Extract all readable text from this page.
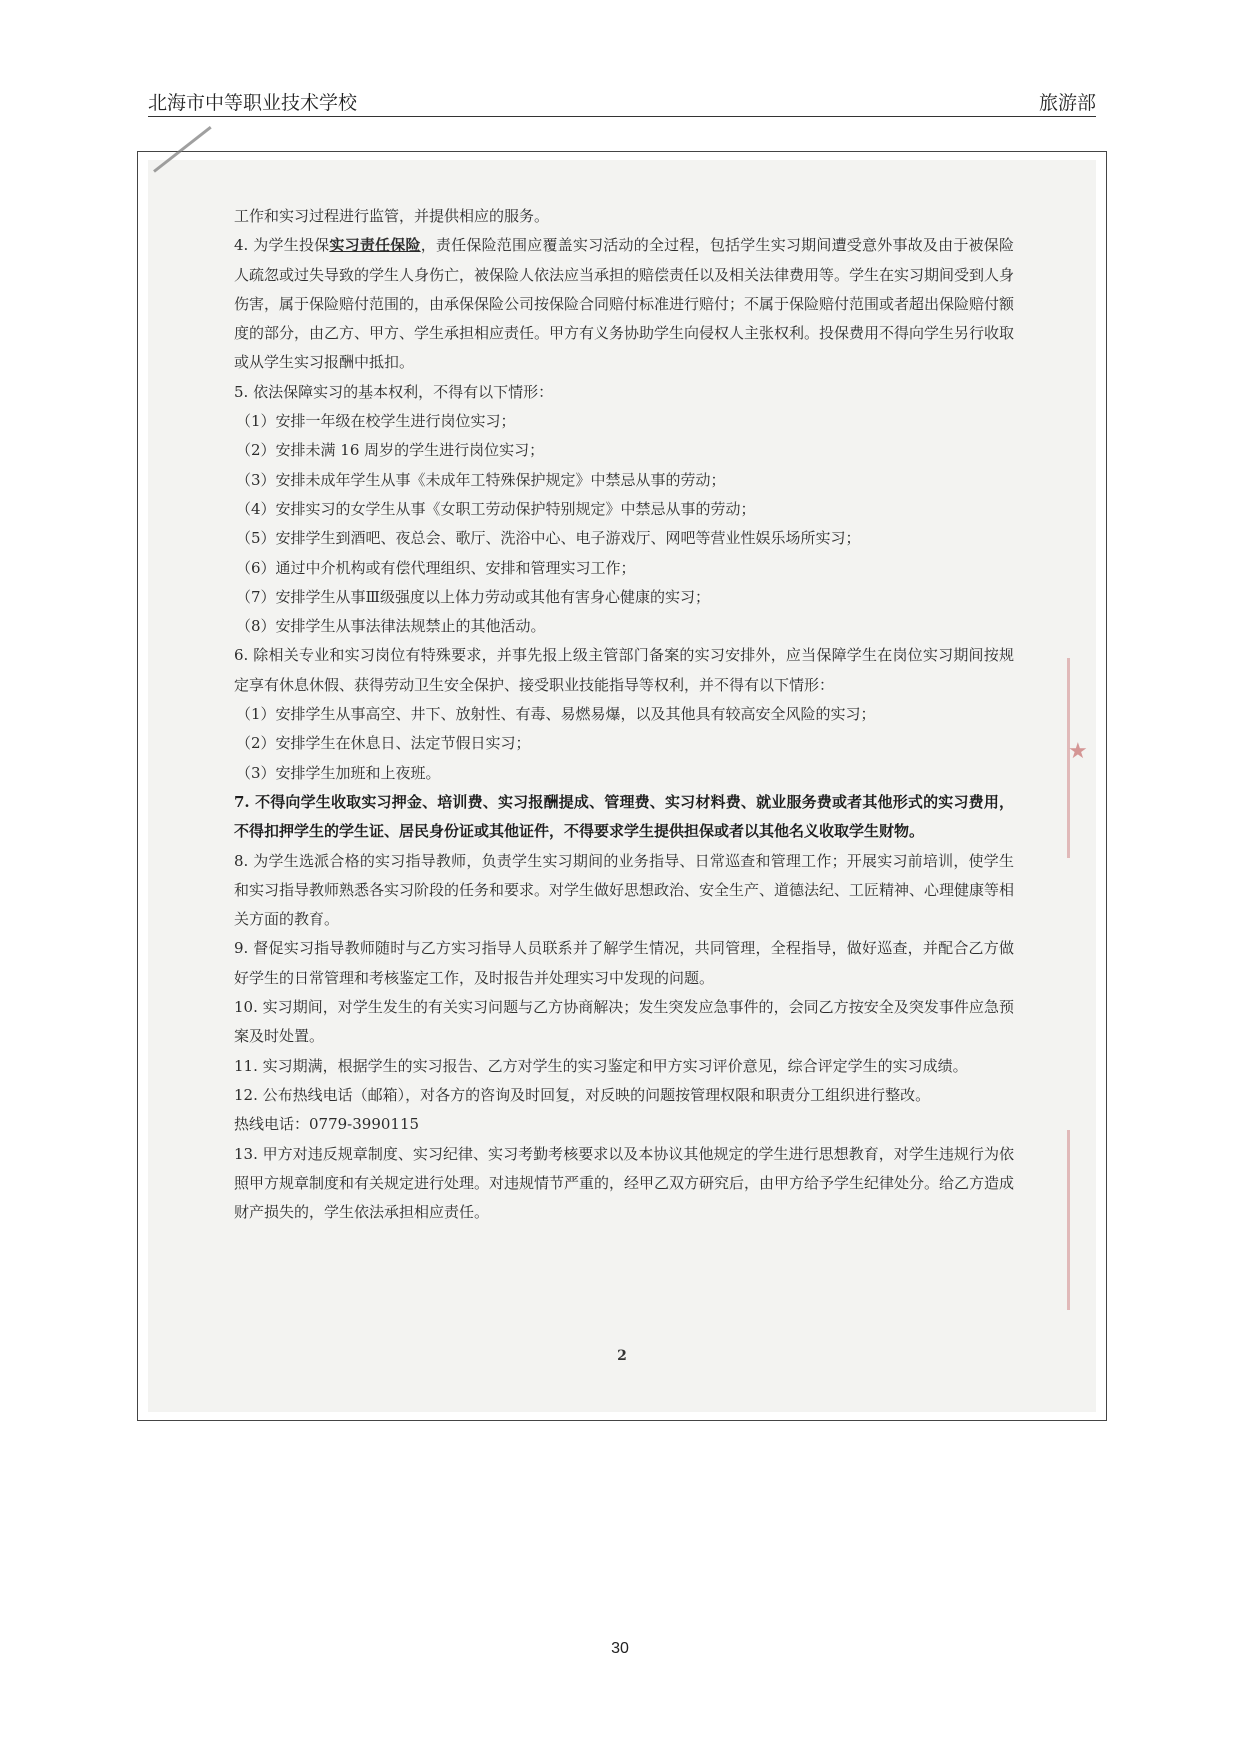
北海市中等职业技术学校	旅游部

工作和实习过程进行监管，并提供相应的服务。

4. 为学生投保实习责任保险，责任保险范围应覆盖实习活动的全过程，包括学生实习期间遭受意外事故及由于被保险人疏忽或过失导致的学生人身伤亡，被保险人依法应当承担的赔偿责任以及相关法律费用等。学生在实习期间受到人身伤害，属于保险赔付范围的，由承保保险公司按保险合同赔付标准进行赔付；不属于保险赔付范围或者超出保险赔付额度的部分，由乙方、甲方、学生承担相应责任。甲方有义务协助学生向侵权人主张权利。投保费用不得向学生另行收取或从学生实习报酬中抵扣。

5. 依法保障实习的基本权利，不得有以下情形：

（1）安排一年级在校学生进行岗位实习；

（2）安排未满 16 周岁的学生进行岗位实习；

（3）安排未成年学生从事《未成年工特殊保护规定》中禁忌从事的劳动；

（4）安排实习的女学生从事《女职工劳动保护特别规定》中禁忌从事的劳动；

（5）安排学生到酒吧、夜总会、歌厅、洗浴中心、电子游戏厅、网吧等营业性娱乐场所实习；

（6）通过中介机构或有偿代理组织、安排和管理实习工作；

（7）安排学生从事Ⅲ级强度以上体力劳动或其他有害身心健康的实习；

（8）安排学生从事法律法规禁止的其他活动。

6. 除相关专业和实习岗位有特殊要求，并事先报上级主管部门备案的实习安排外，应当保障学生在岗位实习期间按规定享有休息休假、获得劳动卫生安全保护、接受职业技能指导等权利，并不得有以下情形：

（1）安排学生从事高空、井下、放射性、有毒、易燃易爆，以及其他具有较高安全风险的实习；

（2）安排学生在休息日、法定节假日实习；

（3）安排学生加班和上夜班。

7. 不得向学生收取实习押金、培训费、实习报酬提成、管理费、实习材料费、就业服务费或者其他形式的实习费用，不得扣押学生的学生证、居民身份证或其他证件，不得要求学生提供担保或者以其他名义收取学生财物。

8. 为学生选派合格的实习指导教师，负责学生实习期间的业务指导、日常巡查和管理工作；开展实习前培训，使学生和实习指导教师熟悉各实习阶段的任务和要求。对学生做好思想政治、安全生产、道德法纪、工匠精神、心理健康等相关方面的教育。

9. 督促实习指导教师随时与乙方实习指导人员联系并了解学生情况，共同管理，全程指导，做好巡查，并配合乙方做好学生的日常管理和考核鉴定工作，及时报告并处理实习中发现的问题。

10. 实习期间，对学生发生的有关实习问题与乙方协商解决；发生突发应急事件的，会同乙方按安全及突发事件应急预案及时处置。

11. 实习期满，根据学生的实习报告、乙方对学生的实习鉴定和甲方实习评价意见，综合评定学生的实习成绩。

12. 公布热线电话（邮箱），对各方的咨询及时回复，对反映的问题按管理权限和职责分工组织进行整改。

热线电话：0779-3990115

13. 甲方对违反规章制度、实习纪律、实习考勤考核要求以及本协议其他规定的学生进行思想教育，对学生违规行为依照甲方规章制度和有关规定进行处理。对违规情节严重的，经甲乙双方研究后，由甲方给予学生纪律处分。给乙方造成财产损失的，学生依法承担相应责任。

2
★
30
